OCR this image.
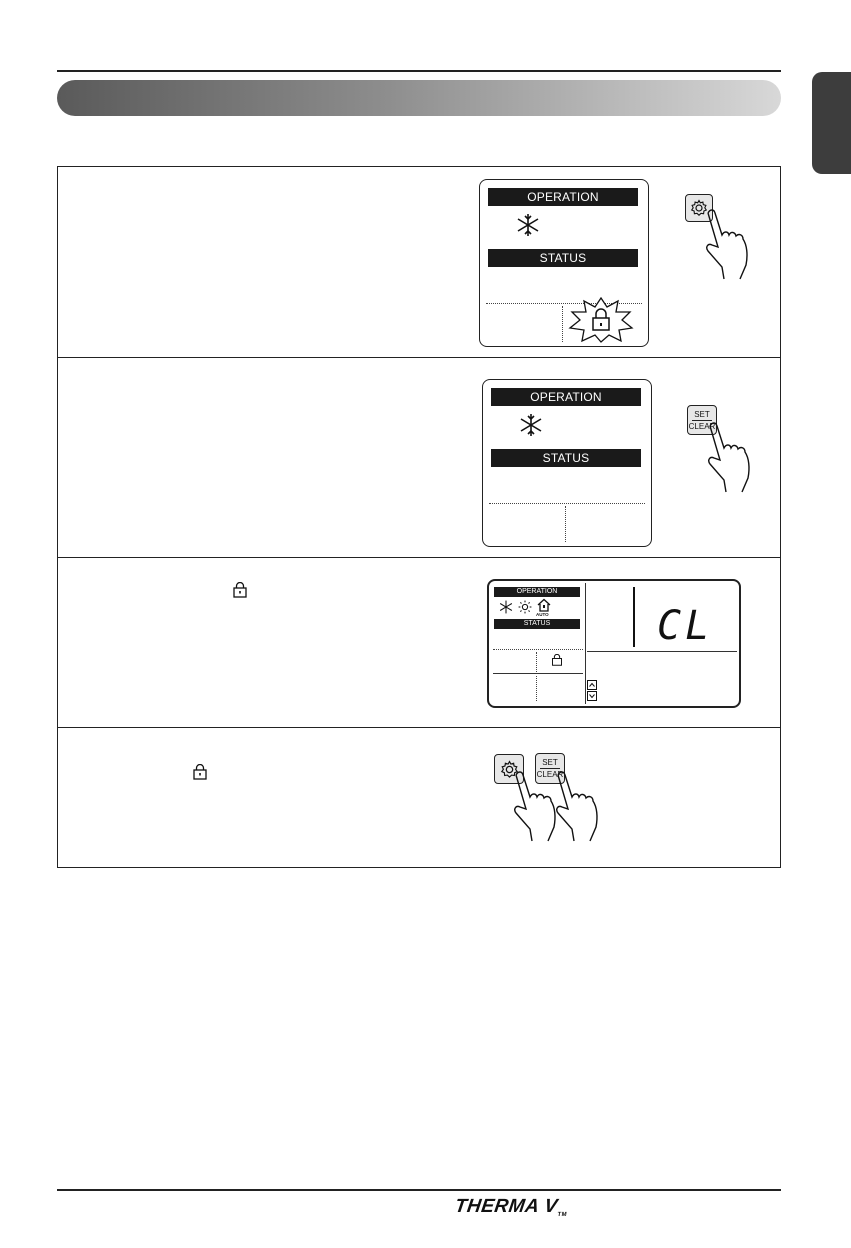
OPERATION
STATUS
OPERATION
STATUS
SET
CLEAR
OPERATION
AUTO
STATUS	CL
SET
CLEAR
THERMA VTM
